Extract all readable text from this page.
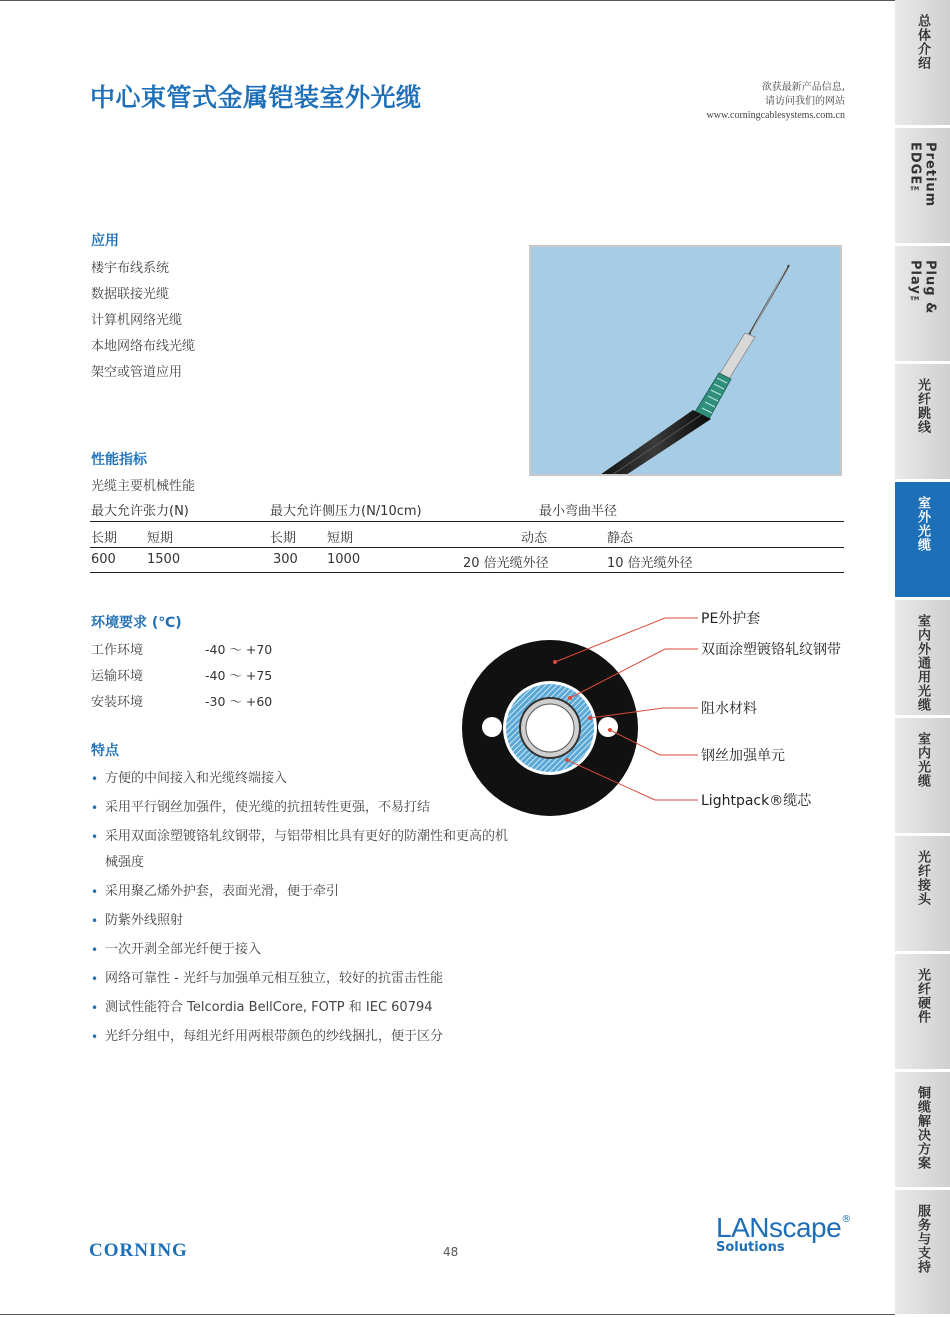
中心束管式金属铠装室外光缆	欲获最新产品信息,
请访问我们的网站
www.corningcablesystems.com.cn
应用
楼宇布线系统
数据联接光缆
计算机网络光缆
本地网络布线光缆
架空或管道应用
性能指标
光缆主要机械性能
最大允许张力(N)	最大允许侧压力(N/10cm)	最小弯曲半径
长期 短期	长期 短期	动态	静态
600 1500	300 1000	20 倍光缆外径	10 倍光缆外径
环境要求 (℃)
工作环境	-40 ～ +70
运输环境	-40 ～ +75
安装环境	-30 ～ +60
PE外护套
双面涂塑镀铬轧纹钢带
阻水材料
钢丝加强单元
Lightpack®缆芯
特点
• 方便的中间接入和光缆终端接入
• 采用平行钢丝加强件，使光缆的抗扭转性更强，不易打结
• 采用双面涂塑镀铬轧纹钢带，与铝带相比具有更好的防潮性和更高的机械强度
• 采用聚乙烯外护套，表面光滑，便于牵引
• 防紫外线照射
• 一次开剥全部光纤便于接入
• 网络可靠性 - 光纤与加强单元相互独立，较好的抗雷击性能
• 测试性能符合 Telcordia BellCore, FOTP 和 IEC 60794
• 光纤分组中，每组光纤用两根带颜色的纱线捆扎，便于区分
总体介绍
Pretium EDGE™
Plug & Play™
光纤跳线
室外光缆
室内外通用光缆
室内光缆
光纤接头
光纤硬件
铜缆解决方案
服务与支持
CORNING	48
LANscape®
Solutions
